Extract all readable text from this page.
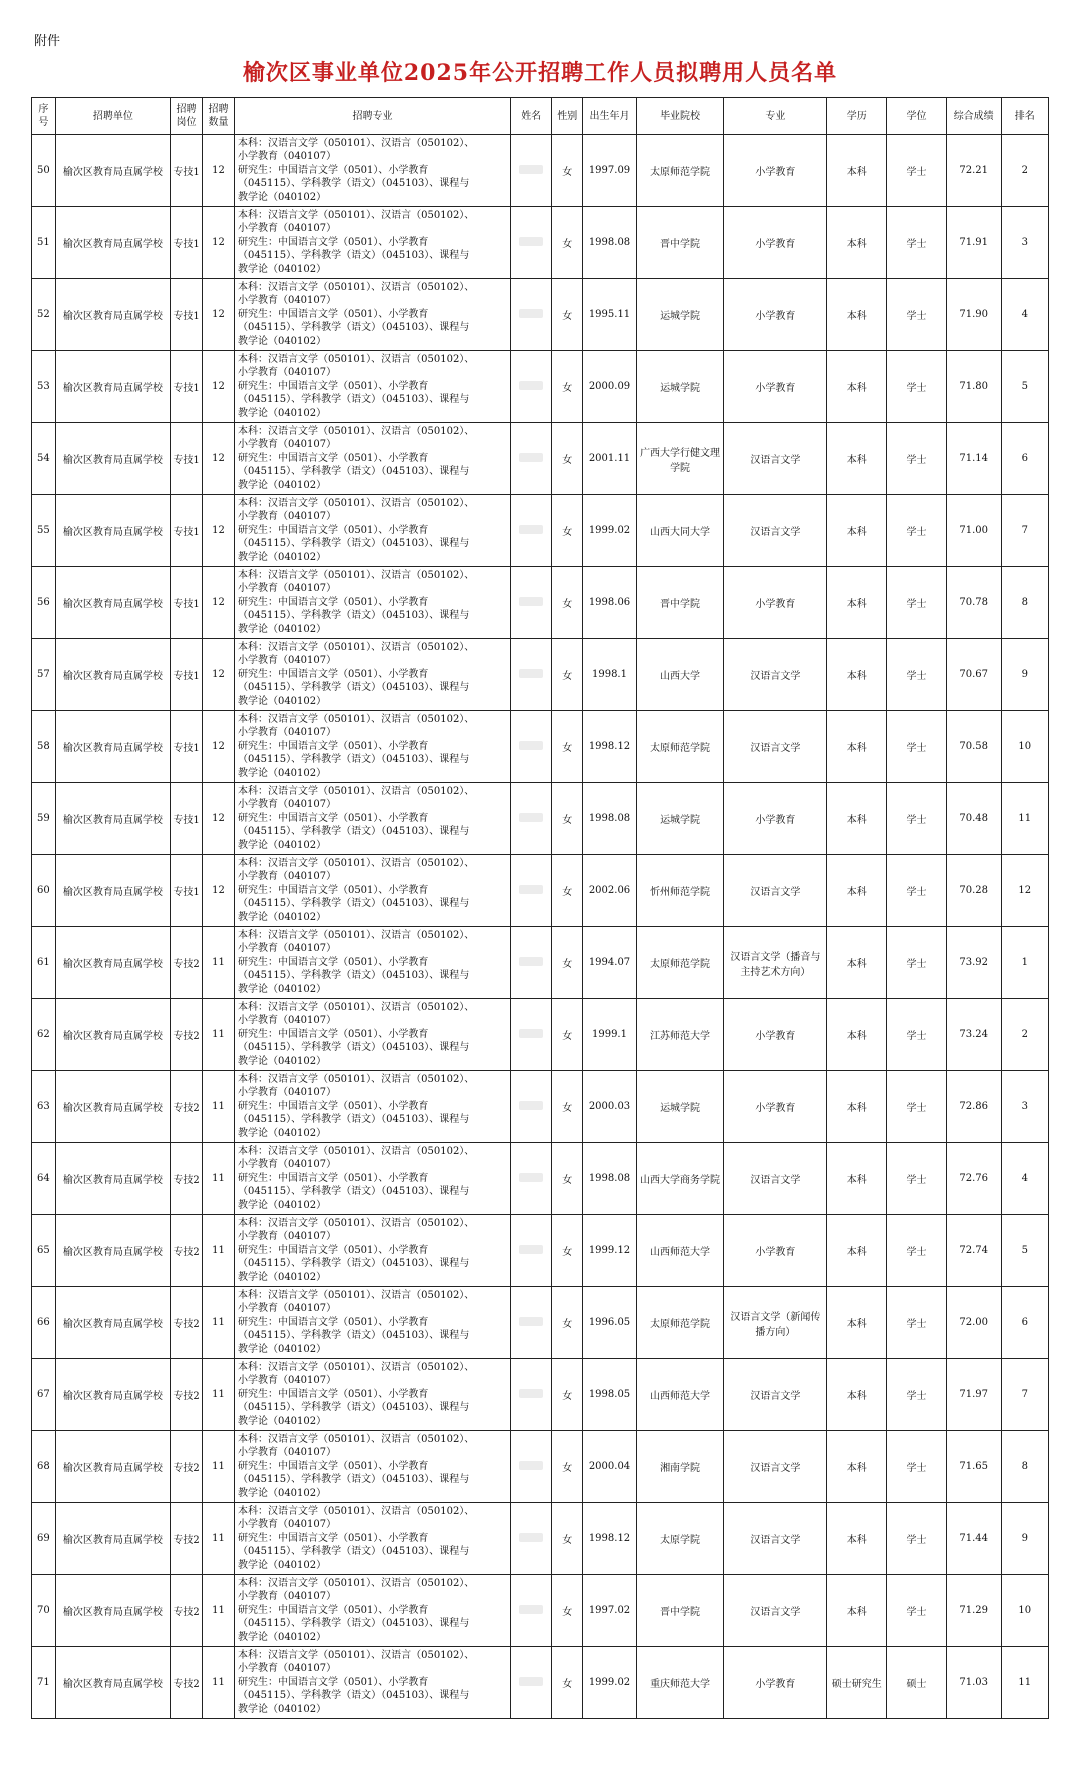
附件
榆次区事业单位2025年公开招聘工作人员拟聘用人员名单
序号	招聘单位	招聘岗位	招聘数量	招聘专业	姓名	性别	出生年月	毕业院校	专业	学历	学位	综合成绩	排名
50	榆次区教育局直属学校	专技1	12	本科：汉语言文学（050101）、汉语言（050102）、
小学教育（040107）
研究生：中国语言文学（0501）、小学教育
（045115）、学科教学（语文）（045103）、课程与
教学论（040102）		女	1997.09	太原师范学院	小学教育	本科	学士	72.21	2
51	榆次区教育局直属学校	专技1	12	本科：汉语言文学（050101）、汉语言（050102）、
小学教育（040107）
研究生：中国语言文学（0501）、小学教育
（045115）、学科教学（语文）（045103）、课程与
教学论（040102）		女	1998.08	晋中学院	小学教育	本科	学士	71.91	3
52	榆次区教育局直属学校	专技1	12	本科：汉语言文学（050101）、汉语言（050102）、
小学教育（040107）
研究生：中国语言文学（0501）、小学教育
（045115）、学科教学（语文）（045103）、课程与
教学论（040102）		女	1995.11	运城学院	小学教育	本科	学士	71.90	4
53	榆次区教育局直属学校	专技1	12	本科：汉语言文学（050101）、汉语言（050102）、
小学教育（040107）
研究生：中国语言文学（0501）、小学教育
（045115）、学科教学（语文）（045103）、课程与
教学论（040102）		女	2000.09	运城学院	小学教育	本科	学士	71.80	5
54	榆次区教育局直属学校	专技1	12	本科：汉语言文学（050101）、汉语言（050102）、
小学教育（040107）
研究生：中国语言文学（0501）、小学教育
（045115）、学科教学（语文）（045103）、课程与
教学论（040102）		女	2001.11	广西大学行健文理学院	汉语言文学	本科	学士	71.14	6
55	榆次区教育局直属学校	专技1	12	本科：汉语言文学（050101）、汉语言（050102）、
小学教育（040107）
研究生：中国语言文学（0501）、小学教育
（045115）、学科教学（语文）（045103）、课程与
教学论（040102）		女	1999.02	山西大同大学	汉语言文学	本科	学士	71.00	7
56	榆次区教育局直属学校	专技1	12	本科：汉语言文学（050101）、汉语言（050102）、
小学教育（040107）
研究生：中国语言文学（0501）、小学教育
（045115）、学科教学（语文）（045103）、课程与
教学论（040102）		女	1998.06	晋中学院	小学教育	本科	学士	70.78	8
57	榆次区教育局直属学校	专技1	12	本科：汉语言文学（050101）、汉语言（050102）、
小学教育（040107）
研究生：中国语言文学（0501）、小学教育
（045115）、学科教学（语文）（045103）、课程与
教学论（040102）		女	1998.1	山西大学	汉语言文学	本科	学士	70.67	9
58	榆次区教育局直属学校	专技1	12	本科：汉语言文学（050101）、汉语言（050102）、
小学教育（040107）
研究生：中国语言文学（0501）、小学教育
（045115）、学科教学（语文）（045103）、课程与
教学论（040102）		女	1998.12	太原师范学院	汉语言文学	本科	学士	70.58	10
59	榆次区教育局直属学校	专技1	12	本科：汉语言文学（050101）、汉语言（050102）、
小学教育（040107）
研究生：中国语言文学（0501）、小学教育
（045115）、学科教学（语文）（045103）、课程与
教学论（040102）		女	1998.08	运城学院	小学教育	本科	学士	70.48	11
60	榆次区教育局直属学校	专技1	12	本科：汉语言文学（050101）、汉语言（050102）、
小学教育（040107）
研究生：中国语言文学（0501）、小学教育
（045115）、学科教学（语文）（045103）、课程与
教学论（040102）		女	2002.06	忻州师范学院	汉语言文学	本科	学士	70.28	12
61	榆次区教育局直属学校	专技2	11	本科：汉语言文学（050101）、汉语言（050102）、
小学教育（040107）
研究生：中国语言文学（0501）、小学教育
（045115）、学科教学（语文）（045103）、课程与
教学论（040102）		女	1994.07	太原师范学院	汉语言文学（播音与主持艺术方向）	本科	学士	73.92	1
62	榆次区教育局直属学校	专技2	11	本科：汉语言文学（050101）、汉语言（050102）、
小学教育（040107）
研究生：中国语言文学（0501）、小学教育
（045115）、学科教学（语文）（045103）、课程与
教学论（040102）		女	1999.1	江苏师范大学	小学教育	本科	学士	73.24	2
63	榆次区教育局直属学校	专技2	11	本科：汉语言文学（050101）、汉语言（050102）、
小学教育（040107）
研究生：中国语言文学（0501）、小学教育
（045115）、学科教学（语文）（045103）、课程与
教学论（040102）		女	2000.03	运城学院	小学教育	本科	学士	72.86	3
64	榆次区教育局直属学校	专技2	11	本科：汉语言文学（050101）、汉语言（050102）、
小学教育（040107）
研究生：中国语言文学（0501）、小学教育
（045115）、学科教学（语文）（045103）、课程与
教学论（040102）		女	1998.08	山西大学商务学院	汉语言文学	本科	学士	72.76	4
65	榆次区教育局直属学校	专技2	11	本科：汉语言文学（050101）、汉语言（050102）、
小学教育（040107）
研究生：中国语言文学（0501）、小学教育
（045115）、学科教学（语文）（045103）、课程与
教学论（040102）		女	1999.12	山西师范大学	小学教育	本科	学士	72.74	5
66	榆次区教育局直属学校	专技2	11	本科：汉语言文学（050101）、汉语言（050102）、
小学教育（040107）
研究生：中国语言文学（0501）、小学教育
（045115）、学科教学（语文）（045103）、课程与
教学论（040102）		女	1996.05	太原师范学院	汉语言文学（新闻传播方向）	本科	学士	72.00	6
67	榆次区教育局直属学校	专技2	11	本科：汉语言文学（050101）、汉语言（050102）、
小学教育（040107）
研究生：中国语言文学（0501）、小学教育
（045115）、学科教学（语文）（045103）、课程与
教学论（040102）		女	1998.05	山西师范大学	汉语言文学	本科	学士	71.97	7
68	榆次区教育局直属学校	专技2	11	本科：汉语言文学（050101）、汉语言（050102）、
小学教育（040107）
研究生：中国语言文学（0501）、小学教育
（045115）、学科教学（语文）（045103）、课程与
教学论（040102）		女	2000.04	湘南学院	汉语言文学	本科	学士	71.65	8
69	榆次区教育局直属学校	专技2	11	本科：汉语言文学（050101）、汉语言（050102）、
小学教育（040107）
研究生：中国语言文学（0501）、小学教育
（045115）、学科教学（语文）（045103）、课程与
教学论（040102）		女	1998.12	太原学院	汉语言文学	本科	学士	71.44	9
70	榆次区教育局直属学校	专技2	11	本科：汉语言文学（050101）、汉语言（050102）、
小学教育（040107）
研究生：中国语言文学（0501）、小学教育
（045115）、学科教学（语文）（045103）、课程与
教学论（040102）		女	1997.02	晋中学院	汉语言文学	本科	学士	71.29	10
71	榆次区教育局直属学校	专技2	11	本科：汉语言文学（050101）、汉语言（050102）、
小学教育（040107）
研究生：中国语言文学（0501）、小学教育
（045115）、学科教学（语文）（045103）、课程与
教学论（040102）		女	1999.02	重庆师范大学	小学教育	硕士研究生	硕士	71.03	11
